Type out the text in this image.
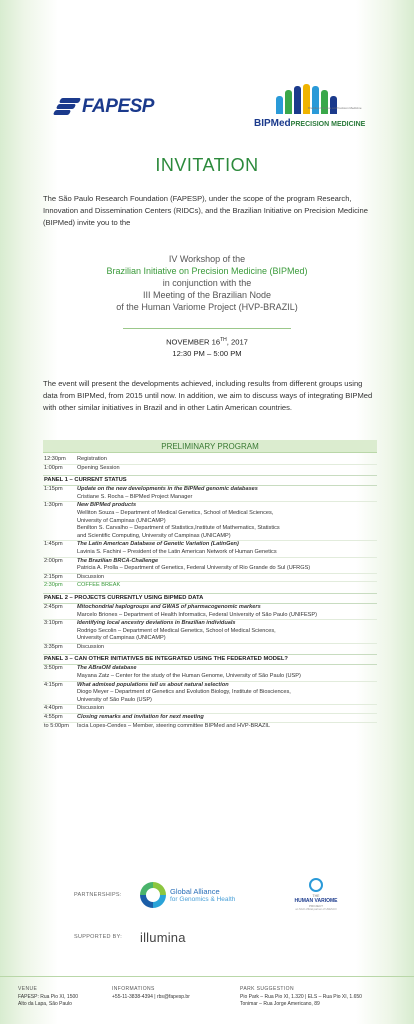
FAPESP	Brazilian Initiative on Precision Medicine
BIPMedPRECISION MEDICINE
INVITATION

The São Paulo Research Foundation (FAPESP), under the scope of the program Research, Innovation and Dissemination Centers (RIDCs), and the Brazilian Initiative on Precision Medicine (BIPMed) invite you to the

IV Workshop of the
Brazilian Initiative on Precision Medicine (BIPMed)
in conjunction with the
III Meeting of the Brazilian Node
of the Human Variome Project (HVP-BRAZIL)
NOVEMBER 16TH, 2017
12:30 PM – 5:00 PM

The event will present the developments achieved, including results from different groups using data from BIPMed, from 2015 until now. In addition, we aim to discuss ways of integrating BIPMed with other similar initiatives in Brazil and in other Latin American countries.

PRELIMINARY PROGRAM
12:30pm	Registration
1:00pm	Opening Session
PANEL 1 – CURRENT STATUS
1:15pm	Update on the new developments in the BIPMed genomic databases
Cristiane S. Rocha – BIPMed Project Manager
1:30pm	New BIPMed products
Welliton Souza – Department of Medical Genetics, School of Medical Sciences,
University of Campinas (UNICAMP)
Benilton S. Carvalho – Department of Statistics,Institute of Mathematics, Statistics
and Scientific Computing, University of Campinas (UNICAMP)
1:45pm	The Latin American Database of Genetic Variation (LatinGen)
Lavinia S. Fachini – President of the Latin American Network of Human Genetics
2:00pm	The Brazilian BRCA-Challenge
Patricia A. Prolla – Department of Genetics, Federal University of Rio Grande do Sul (UFRGS)
2:15pm	Discussion
2:30pm	COFFEE BREAK
PANEL 2 – PROJECTS CURRENTLY USING BIPMED DATA
2:45pm	Mitochondrial haplogroups and GWAS of pharmacogenomic markers
Marcelo Briones – Department of Health Informatics, Federal University of São Paulo (UNIFESP)
3:10pm	Identifying local ancestry deviations in Brazilian individuals
Rodrigo Secolin – Department of Medical Genetics, School of Medical Sciences,
University of Campinas (UNICAMP)
3:35pm	Discussion
PANEL 3 – CAN OTHER INITIATIVES BE INTEGRATED USING THE FEDERATED MODEL?
3:50pm	The ABraOM database
Mayana Zatz – Center for the study of the Human Genome, University of São Paulo (USP)
4:15pm	What admixed populations tell us about natural selection
Diogo Meyer – Department of Genetics and Evolution Biology, Institute of Biosciences,
University of São Paulo (USP)
4:40pm	Discussion
4:55pm	Closing remarks and invitation for next meeting
to 5:00pm	Iscia Lopes-Cendes – Member, steering committee BIPMed and HVP-BRAZIL
PARTNERSHIPS:	Global Alliance
for Genomics & Health	THE
HUMAN VARIOME
PROJECT
an NGO official partner of UNESCO
SUPPORTED BY: illumina
VENUE
FAPESP: Rua Pio XI, 1500
Alto da Lapa, São Paulo
INFORMATIONS
+55-11-3838-4394 | rbs@fapesp.br
PARK SUGGESTION
Pio Park – Rua Pio XI, 1.320 | ELS – Rua Pio XI, 1.650
Tonimar – Rua Jorge Americano, 89
